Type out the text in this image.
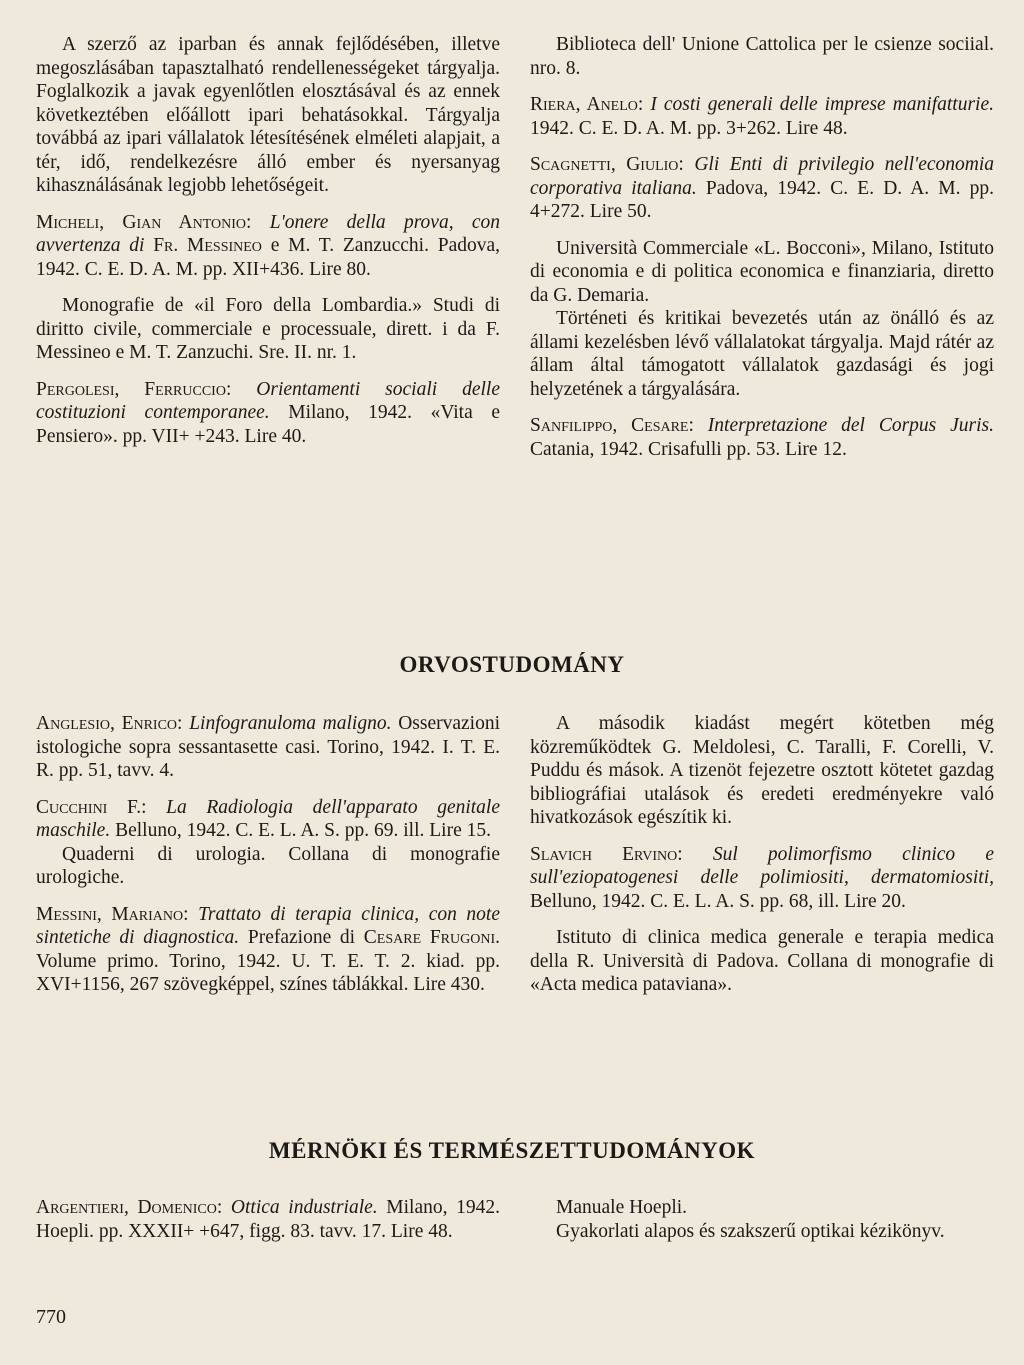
A szerző az iparban és annak fejlődésében, illetve megoszlásában tapasztalható rendellenességeket tárgyalja. Foglalkozik a javak egyenlőtlen elosztásával és az ennek következtében előállott ipari behatásokkal. Tárgyalja továbbá az ipari vállalatok létesítésének elméleti alapjait, a tér, idő, rendelkezésre álló ember és nyersanyag kihasználásának legjobb lehetőségeit.

Micheli, Gian Antonio: L'onere della prova, con avvertenza di Fr. Messineo e M. T. Zanzucchi. Padova, 1942. C. E. D. A. M. pp. XII+436. Lire 80.

Monografie de «il Foro della Lombardia.» Studi di diritto civile, commerciale e processuale, dirett. i da F. Messineo e M. T. Zanzuchi. Sre. II. nr. 1.

Pergolesi, Ferruccio: Orientamenti sociali delle costituzioni contemporanee. Milano, 1942. «Vita e Pensiero». pp. VII+ +243. Lire 40.

Biblioteca dell' Unione Cattolica per le csienze sociial. nro. 8.

Riera, Anelo: I costi generali delle imprese manifatturie. 1942. C. E. D. A. M. pp. 3+262. Lire 48.

Scagnetti, Giulio: Gli Enti di privilegio nell'economia corporativa italiana. Padova, 1942. C. E. D. A. M. pp. 4+272. Lire 50.

Università Commerciale «L. Bocconi», Milano, Istituto di economia e di politica economica e finanziaria, diretto da G. Demaria.

Történeti és kritikai bevezetés után az önálló és az állami kezelésben lévő vállalatokat tárgyalja. Majd rátér az állam által támogatott vállalatok gazdasági és jogi helyzetének a tárgyalására.

Sanfilippo, Cesare: Interpretazione del Corpus Juris. Catania, 1942. Crisafulli pp. 53. Lire 12.

ORVOSTUDOMÁNY

Anglesio, Enrico: Linfogranuloma maligno. Osservazioni istologiche sopra sessantasette casi. Torino, 1942. I. T. E. R. pp. 51, tavv. 4.

Cucchini F.: La Radiologia dell'apparato genitale maschile. Belluno, 1942. C. E. L. A. S. pp. 69. ill. Lire 15.

Quaderni di urologia. Collana di monografie urologiche.

Messini, Mariano: Trattato di terapia clinica, con note sintetiche di diagnostica. Prefazione di Cesare Frugoni. Volume primo. Torino, 1942. U. T. E. T. 2. kiad. pp. XVI+1156, 267 szövegképpel, színes táblákkal. Lire 430.

A második kiadást megért kötetben még közreműködtek G. Meldolesi, C. Taralli, F. Corelli, V. Puddu és mások. A tizenöt fejezetre osztott kötetet gazdag bibliográfiai utalások és eredeti eredményekre való hivatkozások egészítik ki.

Slavich Ervino: Sul polimorfismo clinico e sull'eziopatogenesi delle polimiositi, dermatomiositi, Belluno, 1942. C. E. L. A. S. pp. 68, ill. Lire 20.

Istituto di clinica medica generale e terapia medica della R. Università di Padova. Collana di monografie di «Acta medica pataviana».

MÉRNÖKI ÉS TERMÉSZETTUDOMÁNYOK

Argentieri, Domenico: Ottica industriale. Milano, 1942. Hoepli. pp. XXXII+ +647, figg. 83. tavv. 17. Lire 48.

Manuale Hoepli.

Gyakorlati alapos és szakszerű optikai kézikönyv.

770
